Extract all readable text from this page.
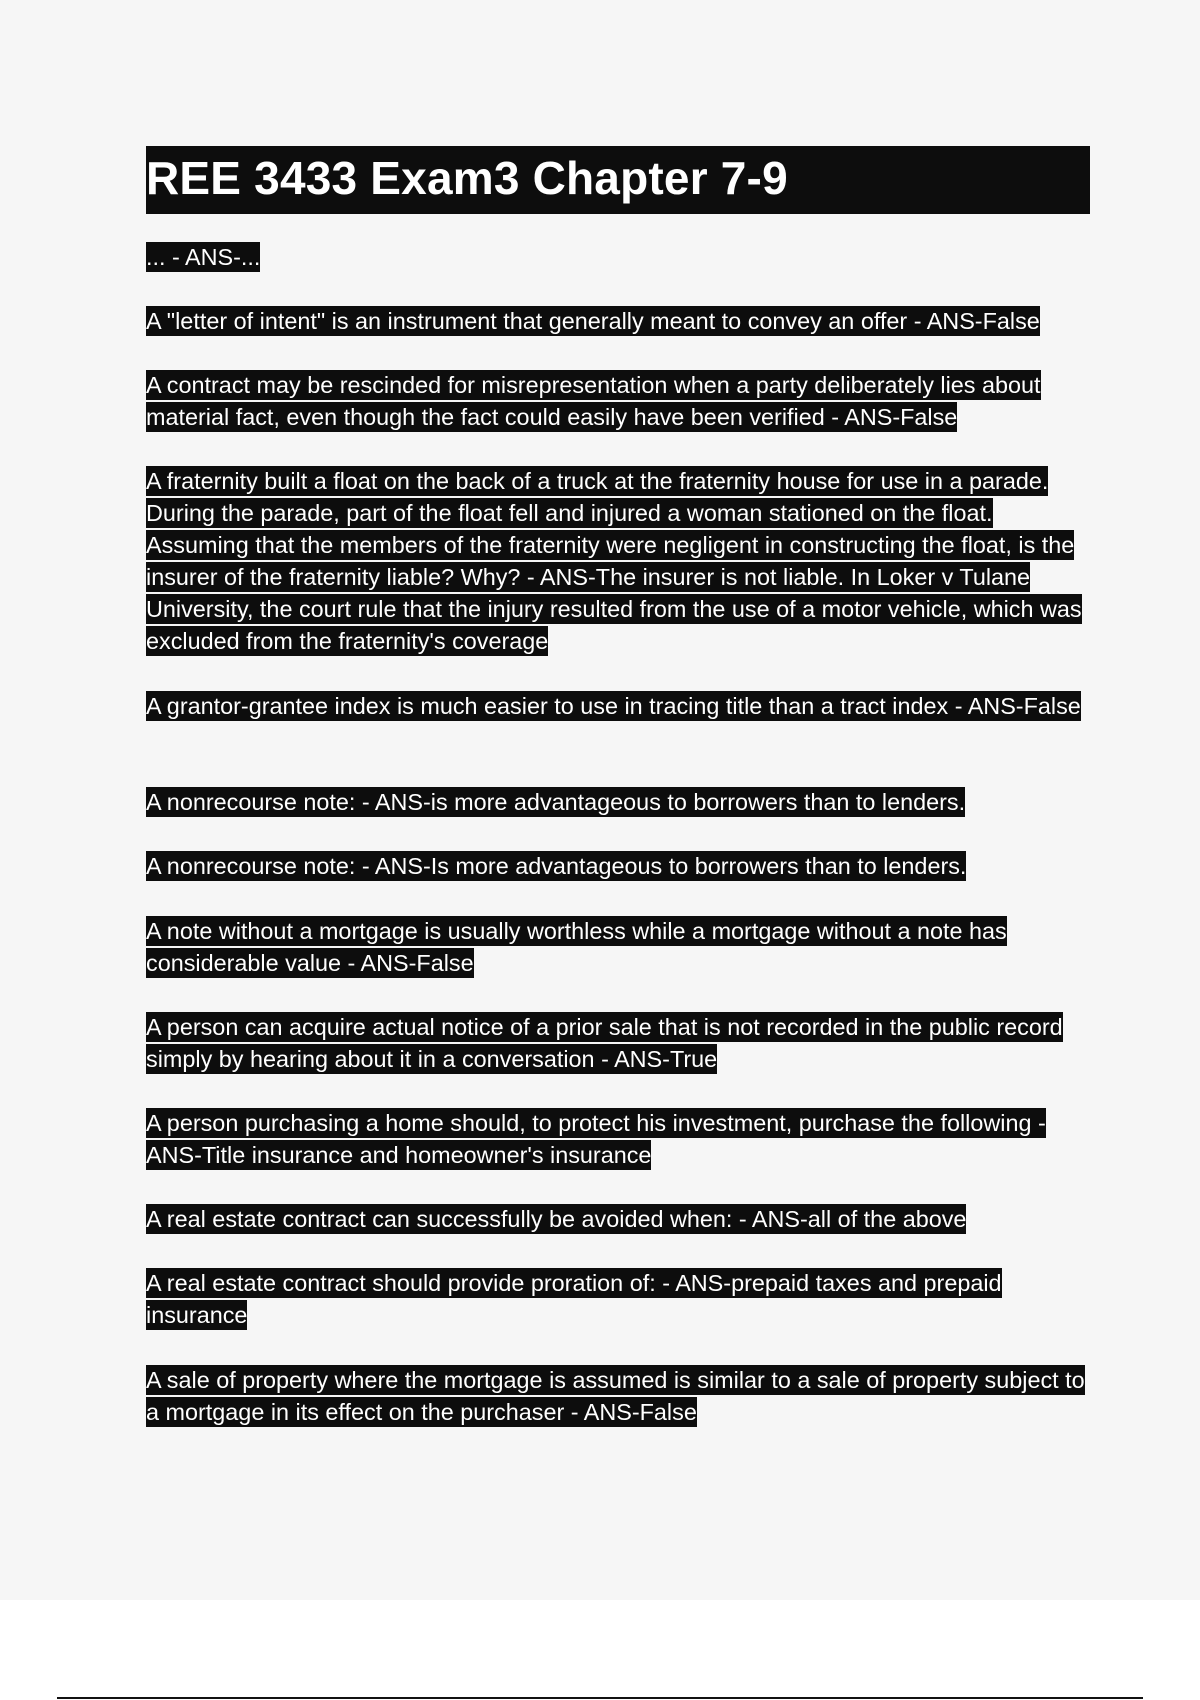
REE 3433 Exam3 Chapter 7-9

... - ANS-...

A "letter of intent" is an instrument that generally meant to convey an offer - ANS-False

A contract may be rescinded for misrepresentation when a party deliberately lies about material fact, even though the fact could easily have been verified - ANS-False

A fraternity built a float on the back of a truck at the fraternity house for use in a parade. During the parade, part of the float fell and injured a woman stationed on the float. Assuming that the members of the fraternity were negligent in constructing the float, is the insurer of the fraternity liable? Why? - ANS-The insurer is not liable. In Loker v Tulane University, the court rule that the injury resulted from the use of a motor vehicle, which was excluded from the fraternity's coverage

A grantor-grantee index is much easier to use in tracing title than a tract index - ANS-False

A nonrecourse note: - ANS-is more advantageous to borrowers than to lenders.

A nonrecourse note: - ANS-Is more advantageous to borrowers than to lenders.

A note without a mortgage is usually worthless while a mortgage without a note has considerable value - ANS-False

A person can acquire actual notice of a prior sale that is not recorded in the public record simply by hearing about it in a conversation - ANS-True

A person purchasing a home should, to protect his investment, purchase the following - ANS-Title insurance and homeowner's insurance

A real estate contract can successfully be avoided when: - ANS-all of the above

A real estate contract should provide proration of: - ANS-prepaid taxes and prepaid insurance

A sale of property where the mortgage is assumed is similar to a sale of property subject to a mortgage in its effect on the purchaser - ANS-False
